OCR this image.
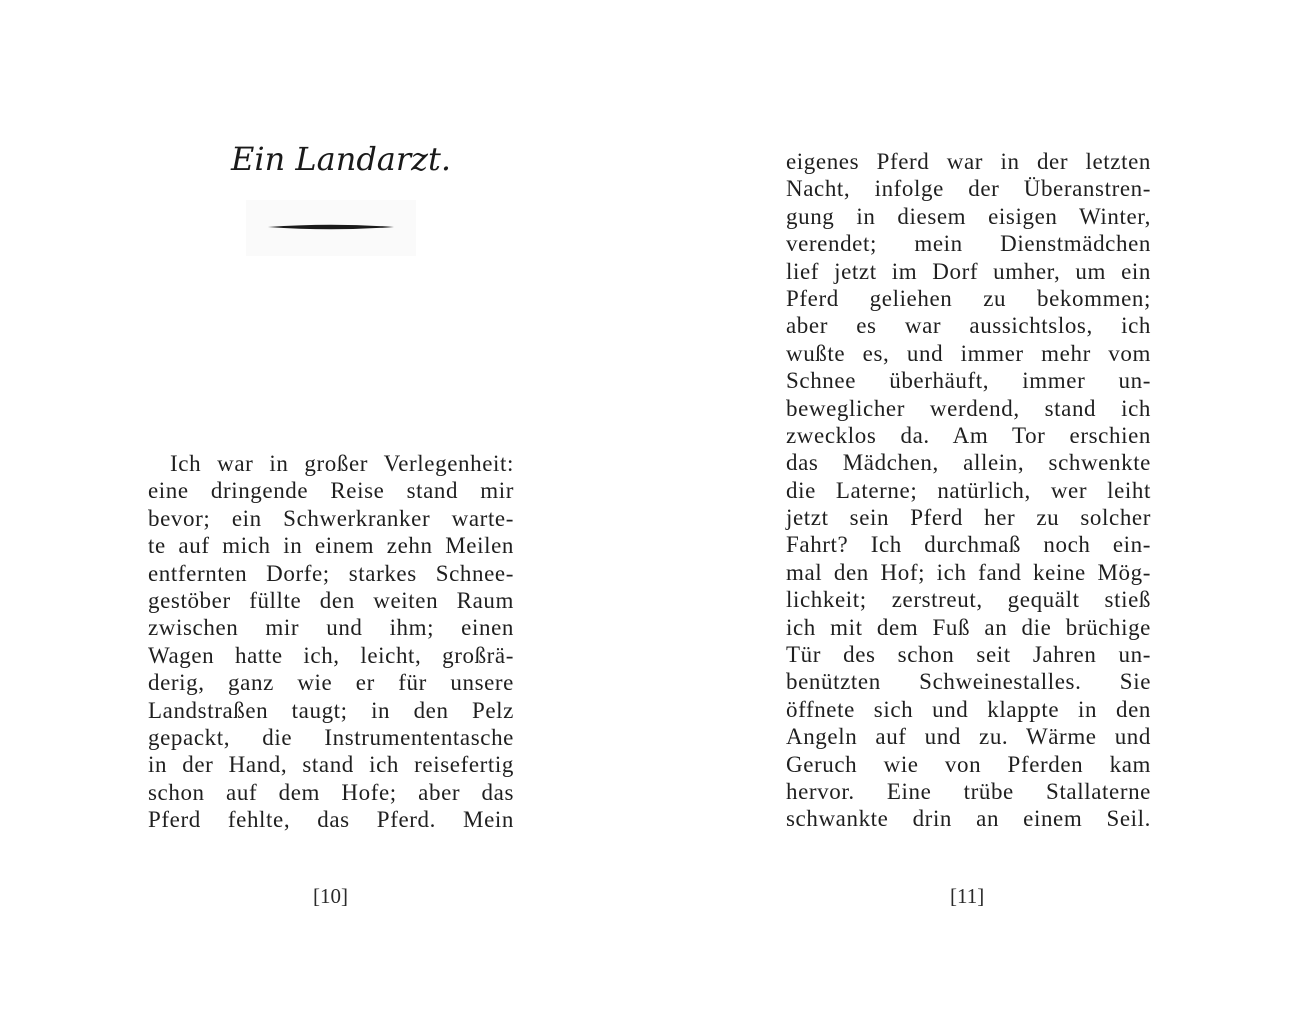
Ein Landarzt.
Ich war in großer Verlegenheit:
eine dringende Reise stand mir
bevor; ein Schwerkranker warte-
te auf mich in einem zehn Meilen
entfernten Dorfe; starkes Schnee-
gestöber füllte den weiten Raum
zwischen mir und ihm; einen
Wagen hatte ich, leicht, großrä-
derig, ganz wie er für unsere
Landstraßen taugt; in den Pelz
gepackt, die Instrumententasche
in der Hand, stand ich reisefertig
schon auf dem Hofe; aber das
Pferd fehlte, das Pferd. Mein

[10]

eigenes Pferd war in der letzten
Nacht, infolge der Überanstren-
gung in diesem eisigen Winter,
verendet; mein Dienstmädchen
lief jetzt im Dorf umher, um ein
Pferd geliehen zu bekommen;
aber es war aussichtslos, ich
wußte es, und immer mehr vom
Schnee überhäuft, immer un-
beweglicher werdend, stand ich
zwecklos da. Am Tor erschien
das Mädchen, allein, schwenkte
die Laterne; natürlich, wer leiht
jetzt sein Pferd her zu solcher
Fahrt? Ich durchmaß noch ein-
mal den Hof; ich fand keine Mög-
lichkeit; zerstreut, gequält stieß
ich mit dem Fuß an die brüchige
Tür des schon seit Jahren un-
benützten Schweinestalles. Sie
öffnete sich und klappte in den
Angeln auf und zu. Wärme und
Geruch wie von Pferden kam
hervor. Eine trübe Stallaterne
schwankte drin an einem Seil.

[11]
